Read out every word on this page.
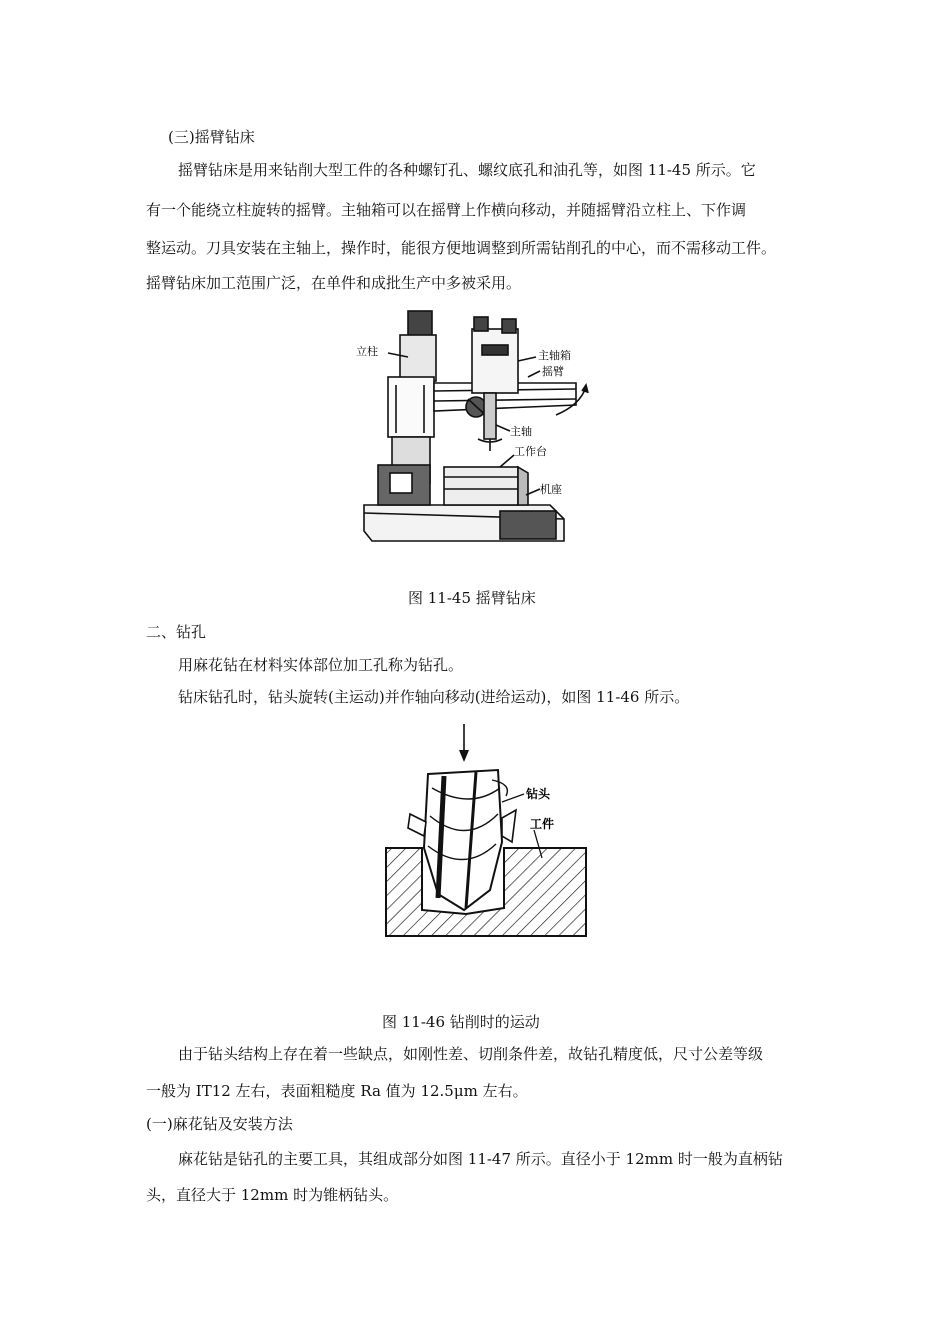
(三)摇臂钻床
摇臂钻床是用来钻削大型工件的各种螺钉孔、螺纹底孔和油孔等，如图 11-45 所示。它
有一个能绕立柱旋转的摇臂。主轴箱可以在摇臂上作横向移动，并随摇臂沿立柱上、下作调
整运动。刀具安装在主轴上，操作时，能很方便地调整到所需钻削孔的中心，而不需移动工件。
摇臂钻床加工范围广泛，在单件和成批生产中多被采用。
立柱	主轴箱
摇臂
主轴
工作台
机座
图 11-45 摇臂钻床
二、钻孔
用麻花钻在材料实体部位加工孔称为钻孔。
钻床钻孔时，钻头旋转(主运动)并作轴向移动(进给运动)，如图 11-46 所示。
钻头
工件
图 11-46 钻削时的运动
由于钻头结构上存在着一些缺点，如刚性差、切削条件差，故钻孔精度低，尺寸公差等级
一般为 IT12 左右，表面粗糙度 Ra 值为 12.5μm 左右。
(一)麻花钻及安装方法
麻花钻是钻孔的主要工具，其组成部分如图 11-47 所示。直径小于 12mm 时一般为直柄钻
头，直径大于 12mm 时为锥柄钻头。
